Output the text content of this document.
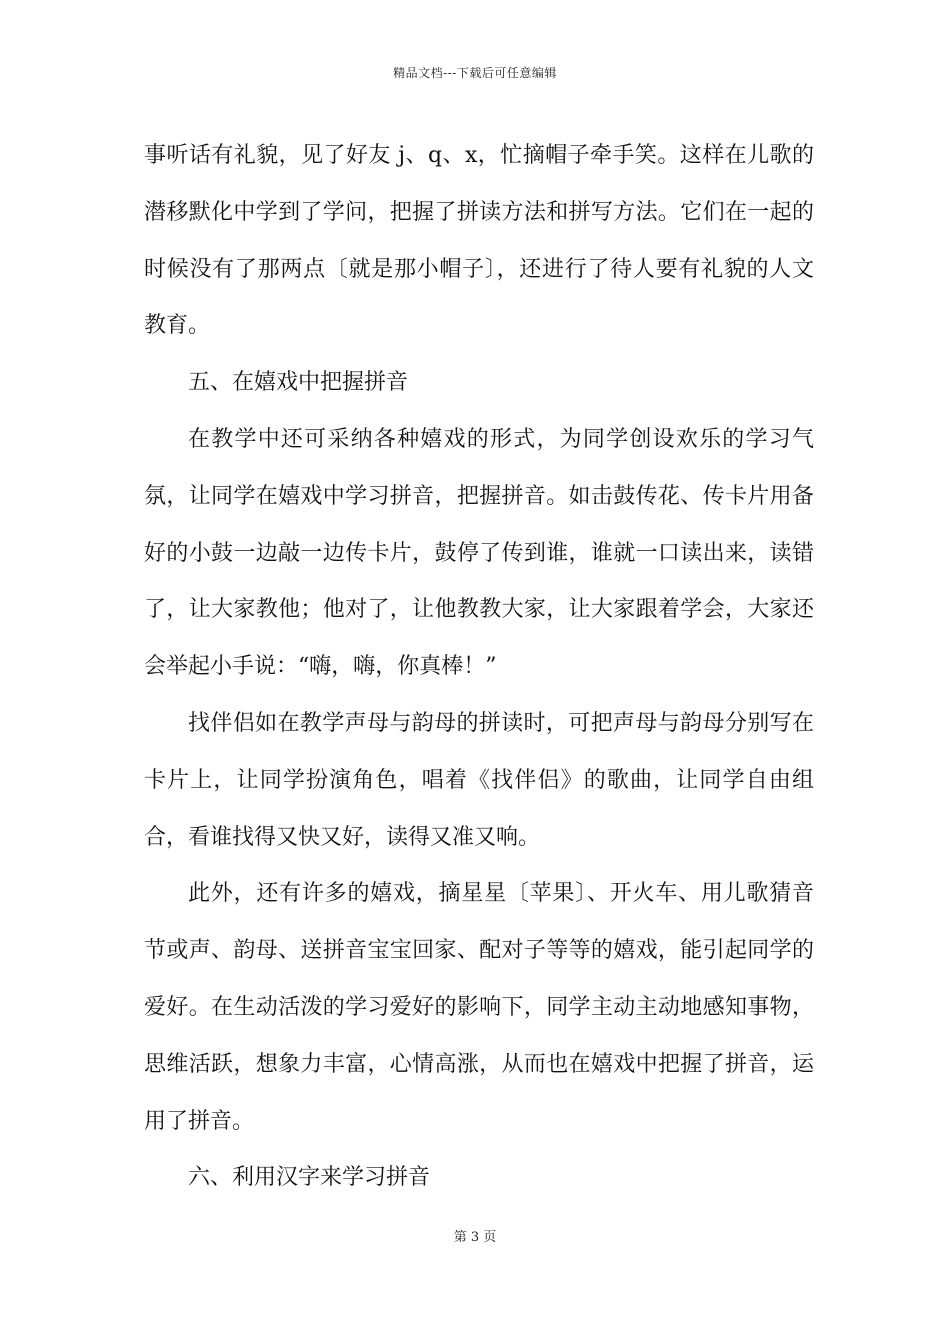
精品文档---下载后可任意编辑

事听话有礼貌，见了好友 j、q、x，忙摘帽子牵手笑。这样在儿歌的潜移默化中学到了学问，把握了拼读方法和拼写方法。它们在一起的时候没有了那两点〔就是那小帽子〕，还进行了待人要有礼貌的人文教育。

五、在嬉戏中把握拼音

在教学中还可采纳各种嬉戏的形式，为同学创设欢乐的学习气氛，让同学在嬉戏中学习拼音，把握拼音。如击鼓传花、传卡片用备好的小鼓一边敲一边传卡片，鼓停了传到谁，谁就一口读出来，读错了，让大家教他；他对了，让他教教大家，让大家跟着学会，大家还会举起小手说：“嗨，嗨，你真棒！”

找伴侣如在教学声母与韵母的拼读时，可把声母与韵母分别写在卡片上，让同学扮演角色，唱着《找伴侣》的歌曲，让同学自由组合，看谁找得又快又好，读得又准又响。

此外，还有许多的嬉戏，摘星星〔苹果〕、开火车、用儿歌猜音节或声、韵母、送拼音宝宝回家、配对子等等的嬉戏，能引起同学的爱好。在生动活泼的学习爱好的影响下，同学主动主动地感知事物，思维活跃，想象力丰富，心情高涨，从而也在嬉戏中把握了拼音，运用了拼音。

六、利用汉字来学习拼音

第 3 页
